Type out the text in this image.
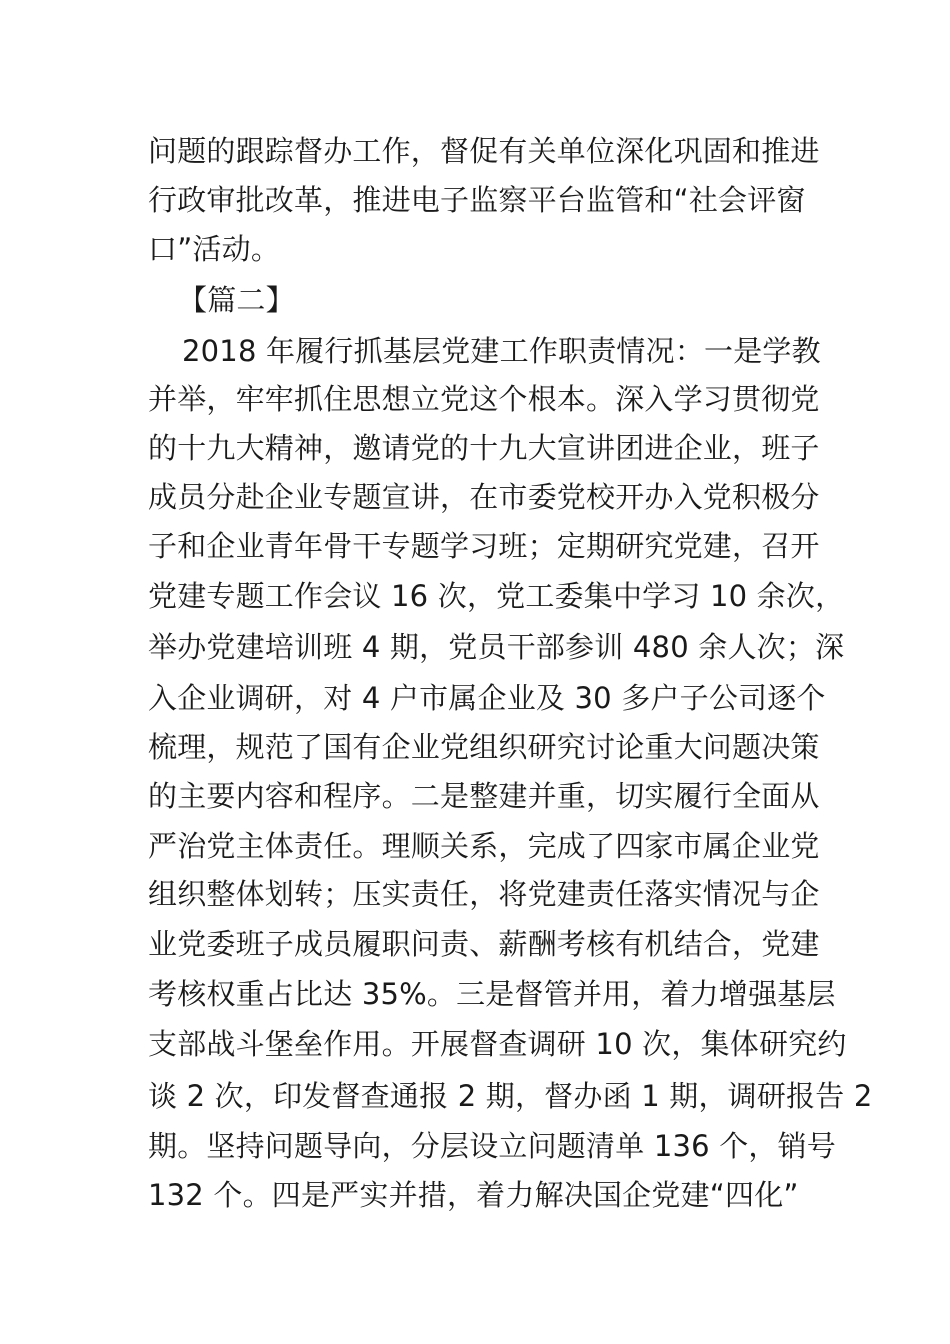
问题的跟踪督办工作，督促有关单位深化巩固和推进
行政审批改革，推进电子监察平台监管和“社会评窗
口”活动。
【篇二】
2018 年履行抓基层党建工作职责情况：一是学教
并举，牢牢抓住思想立党这个根本。深入学习贯彻党
的十九大精神，邀请党的十九大宣讲团进企业，班子
成员分赴企业专题宣讲，在市委党校开办入党积极分
子和企业青年骨干专题学习班；定期研究党建，召开
党建专题工作会议 16 次，党工委集中学习 10 余次，
举办党建培训班 4 期，党员干部参训 480 余人次；深
入企业调研，对 4 户市属企业及 30 多户子公司逐个
梳理，规范了国有企业党组织研究讨论重大问题决策
的主要内容和程序。二是整建并重，切实履行全面从
严治党主体责任。理顺关系，完成了四家市属企业党
组织整体划转；压实责任，将党建责任落实情况与企
业党委班子成员履职问责、薪酬考核有机结合，党建
考核权重占比达 35%。三是督管并用，着力增强基层
支部战斗堡垒作用。开展督查调研 10 次，集体研究约
谈 2 次，印发督查通报 2 期，督办函 1 期，调研报告 2
期。坚持问题导向，分层设立问题清单 136 个，销号
132 个。四是严实并措，着力解决国企党建“四化”
